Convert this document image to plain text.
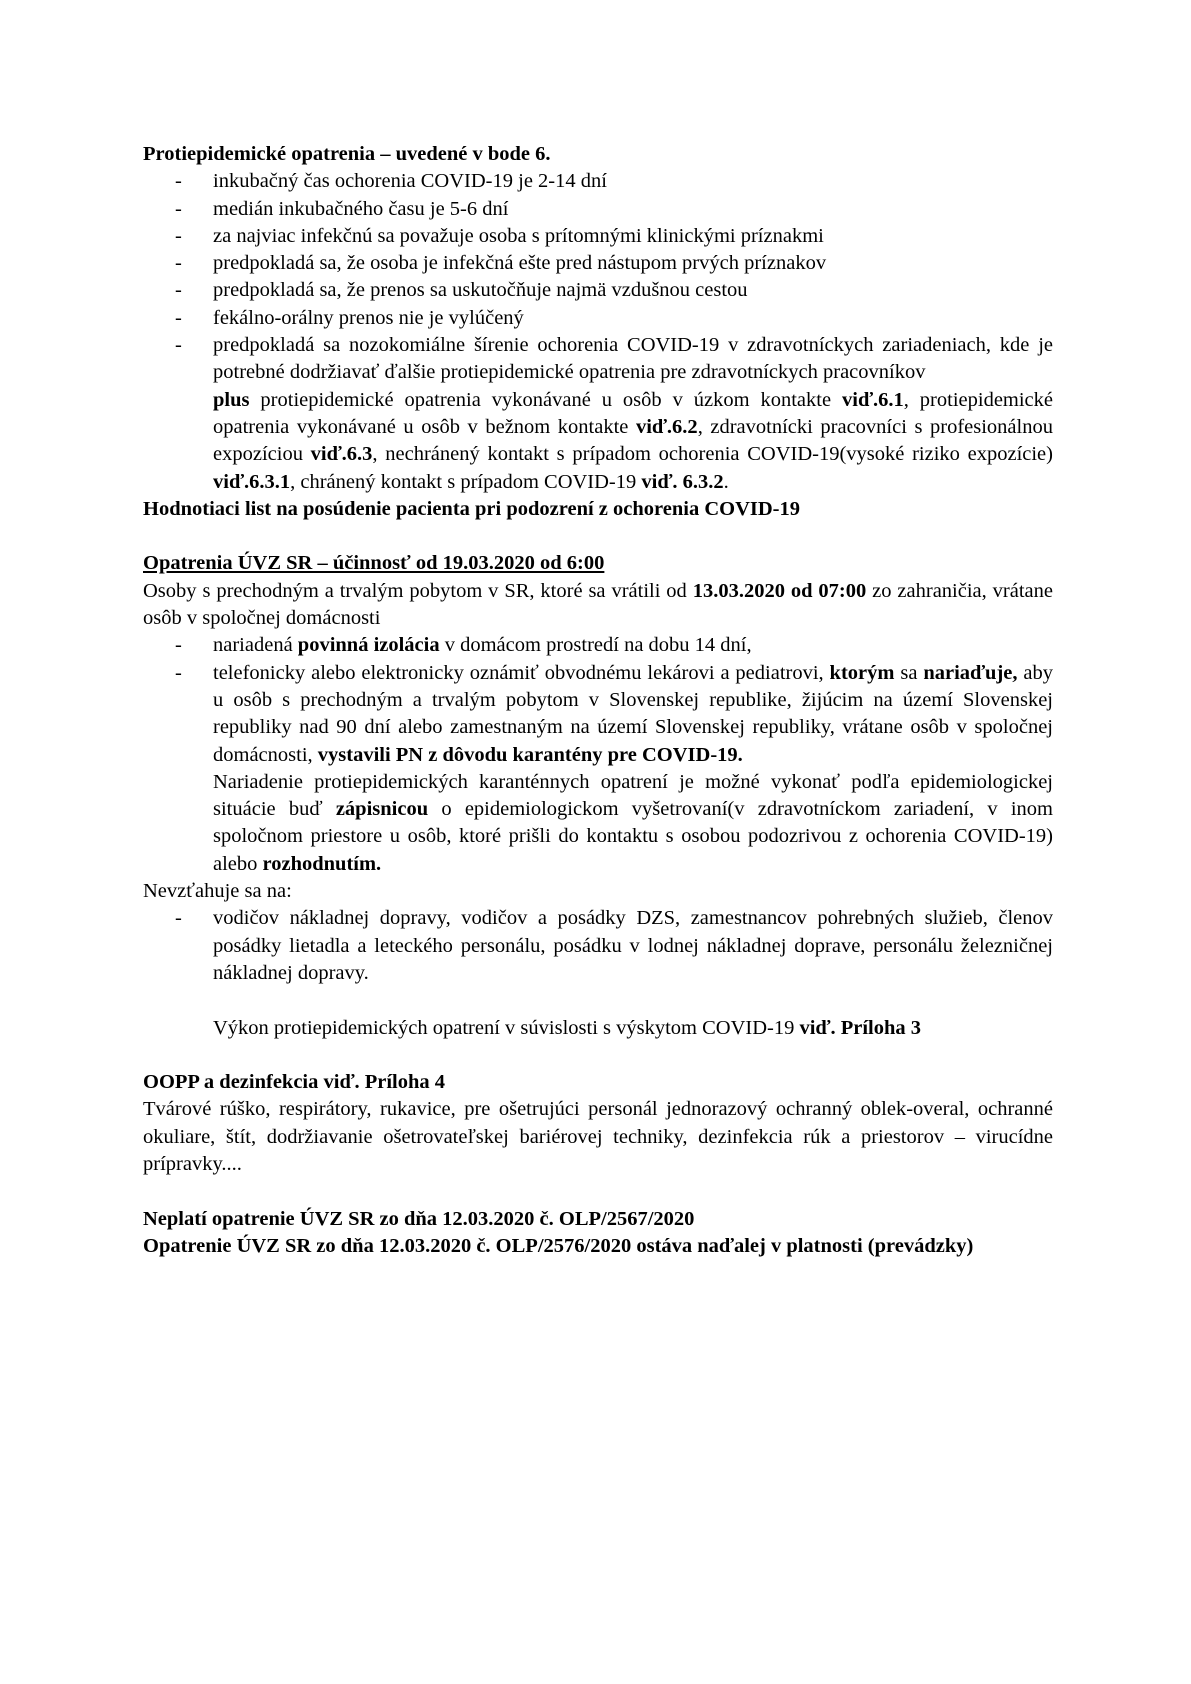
Protiepidemické opatrenia – uvedené v bode 6.

- inkubačný čas ochorenia COVID-19 je 2-14 dní
- medián inkubačného času je 5-6 dní
- za najviac infekčnú sa považuje osoba s prítomnými klinickými príznakmi
- predpokladá sa, že osoba je infekčná ešte pred nástupom prvých príznakov
- predpokladá sa, že prenos sa uskutočňuje najmä vzdušnou cestou
- fekálno-orálny prenos nie je vylúčený
- predpokladá sa nozokomiálne šírenie ochorenia COVID-19 v zdravotníckych zariadeniach, kde je potrebné dodržiavať ďalšie protiepidemické opatrenia pre zdravotníckych pracovníkov

plus protiepidemické opatrenia vykonávané u osôb v úzkom kontakte viď.6.1, protiepidemické opatrenia vykonávané u osôb v bežnom kontakte viď.6.2, zdravotnícki pracovníci s profesionálnou expozíciou viď.6.3, nechránený kontakt s prípadom ochorenia COVID-19(vysoké riziko expozície) viď.6.3.1, chránený kontakt s prípadom COVID-19 viď. 6.3.2.

Hodnotiaci list na posúdenie pacienta pri podozrení z ochorenia COVID-19

Opatrenia ÚVZ SR – účinnosť od 19.03.2020 od 6:00

Osoby s prechodným a trvalým pobytom v SR, ktoré sa vrátili od 13.03.2020 od 07:00 zo zahraničia, vrátane osôb v spoločnej domácnosti

- nariadená povinná izolácia v domácom prostredí na dobu 14 dní,
- telefonicky alebo elektronicky oznámiť obvodnému lekárovi a pediatrovi, ktorým sa nariaďuje, aby u osôb s prechodným a trvalým pobytom v Slovenskej republike, žijúcim na území Slovenskej republiky nad 90 dní alebo zamestnaným na území Slovenskej republiky, vrátane osôb v spoločnej domácnosti, vystavili PN z dôvodu karantény pre COVID-19.

Nariadenie protiepidemických karanténnych opatrení je možné vykonať podľa epidemiologickej situácie buď zápisnicou o epidemiologickom vyšetrovaní(v zdravotníckom zariadení, v inom spoločnom priestore u osôb, ktoré prišli do kontaktu s osobou podozrivou z ochorenia COVID-19) alebo rozhodnutím.

Nevzťahuje sa na:

- vodičov nákladnej dopravy, vodičov a posádky DZS, zamestnancov pohrebných služieb, členov posádky lietadla a leteckého personálu, posádku v lodnej nákladnej doprave, personálu železničnej nákladnej dopravy.

Výkon protiepidemických opatrení v súvislosti s výskytom COVID-19 viď. Príloha 3

OOPP a dezinfekcia viď. Príloha 4

Tvárové rúško, respirátory, rukavice, pre ošetrujúci personál jednorazový ochranný oblek-overal, ochranné okuliare, štít, dodržiavanie ošetrovateľskej bariérovej techniky, dezinfekcia rúk a priestorov – virucídne prípravky....

Neplatí opatrenie ÚVZ SR zo dňa 12.03.2020 č. OLP/2567/2020

Opatrenie ÚVZ SR zo dňa 12.03.2020 č. OLP/2576/2020 ostáva naďalej v platnosti (prevádzky)
